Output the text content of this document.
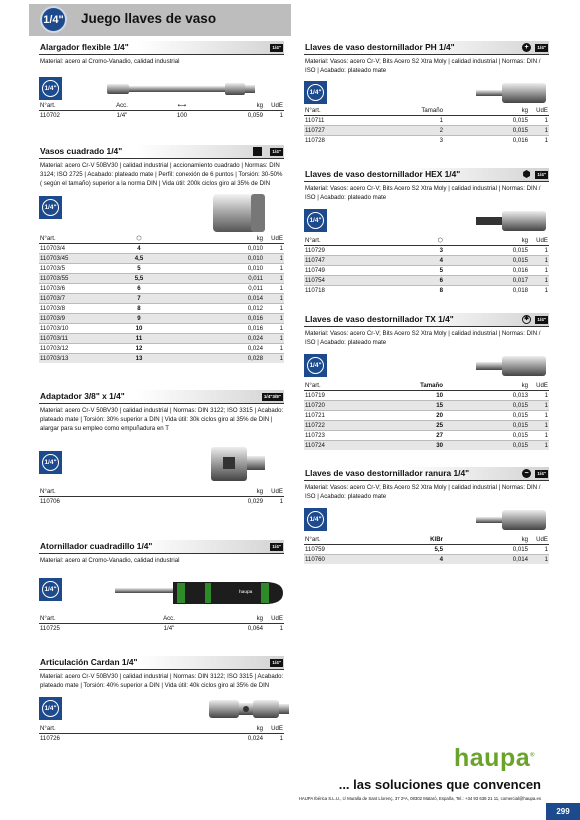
1/4" Juego llaves de vaso
Alargador flexible 1/4"	1/4"
Material: acero al Cromo-Vanadio, calidad industrial
1/4"
N°art.	Acc.	⟷	kg	UdE
110702	1/4"	100	0,059	1
Vasos cuadrado 1/4"	1/4"
Material: acero Cr-V 50BV30 | calidad industrial | accionamiento cuadrado | Normas: DIN 3124; ISO 2725 | Acabado: plateado mate | Perfil: conexión de 6 puntos | Torsión: 30-50% ( según el tamaño) superior a la norma DIN | Vida útil: 200k ciclos giro al 35% de DIN
1/4"
N°art.	⬡	kg	UdE
110703/4	4	0,010	1
110703/45	4,5	0,010	1
110703/5	5	0,010	1
110703/55	5,5	0,011	1
110703/6	6	0,011	1
110703/7	7	0,014	1
110703/8	8	0,012	1
110703/9	9	0,016	1
110703/10	10	0,016	1
110703/11	11	0,024	1
110703/12	12	0,024	1
110703/13	13	0,028	1
Adaptador 3/8" x 1/4"	1/4"3/8"
Material: acero Cr-V 50BV30 | calidad industrial | Normas: DIN 3122; ISO 3315 | Acabado: plateado mate | Torsión: 30% superior a DIN | Vida útil: 30k ciclos giro al 35% de DIN | alargar para su empleo como empuñadura en T
1/4"
N°art.	kg	UdE
110706	0,029	1
Atornillador cuadradillo 1/4"	1/4"
Material: acero al Cromo-Vanadio, calidad industrial
1/4"	haupa
N°art.	Acc.	kg	UdE
110725	1/4"	0,064	1
Articulación Cardan 1/4"	1/4"
Material: acero Cr-V 50BV30 | calidad industrial | Normas: DIN 3122; ISO 3315 | Acabado: plateado mate | Torsión: 40% superior a DIN | Vida útil: 40k ciclos giro al 35% de DIN
1/4"
N°art.	kg	UdE
110726	0,024	1
Llaves de vaso destornillador PH 1/4"	+	1/4"
Material: Vasos: acero Cr-V; Bits Acero S2 Xtra Moly | calidad industrial | Normas: DIN / ISO | Acabado: plateado mate
1/4"
N°art.	Tamaño	kg	UdE
110711	1	0,015	1
110727	2	0,015	1
110728	3	0,016	1
Llaves de vaso destornillador HEX 1/4"	⬢	1/4"
Material: Vasos: acero Cr-V; Bits Acero S2 Xtra Moly | calidad industrial | Normas: DIN / ISO | Acabado: plateado mate
1/4"
N°art.	⬡	kg	UdE
110729	3	0,015	1
110747	4	0,015	1
110749	5	0,016	1
110754	6	0,017	1
110718	8	0,018	1
Llaves de vaso destornillador TX 1/4"	✱	1/4"
Material: Vasos: acero Cr-V; Bits Acero S2 Xtra Moly | calidad industrial | Normas: DIN / ISO | Acabado: plateado mate
1/4"
N°art.	Tamaño	kg	UdE
110719	10	0,013	1
110720	15	0,015	1
110721	20	0,015	1
110722	25	0,015	1
110723	27	0,015	1
110724	30	0,015	1
Llaves de vaso destornillador ranura 1/4"	−	1/4"
Material: Vasos: acero Cr-V; Bits Acero S2 Xtra Moly | calidad industrial | Normas: DIN / ISO | Acabado: plateado mate
1/4"
N°art.	KlBr	kg	UdE
110759	5,5	0,015	1
110760	4	0,014	1
haupa®
... las soluciones que convencen
HAUPA Ibérica S.L.U., c/ Muralla de Sant Llorenç, 37 2ºA, 08302 Mataró, España, Tel.: +34 93 638 21 11, comercial@haupa.es
299
